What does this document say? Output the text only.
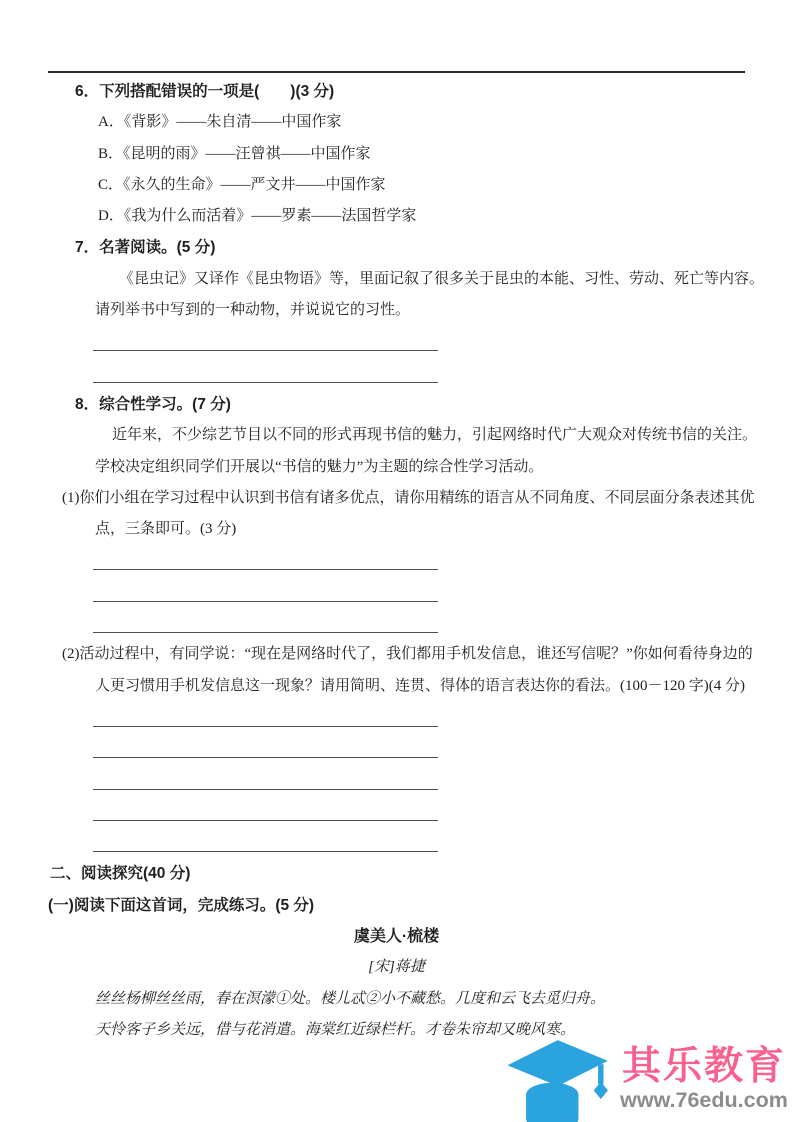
6．下列搭配错误的一项是(　　)(3 分)
A．《背影》——朱自清——中国作家
B．《昆明的雨》——汪曾祺——中国作家
C．《永久的生命》——严文井——中国作家
D．《我为什么而活着》——罗素——法国哲学家
7．名著阅读。(5 分)
《昆虫记》又译作《昆虫物语》等，里面记叙了很多关于昆虫的本能、习性、劳动、死亡等内容。
请列举书中写到的一种动物，并说说它的习性。
8．综合性学习。(7 分)
近年来，不少综艺节目以不同的形式再现书信的魅力，引起网络时代广大观众对传统书信的关注。
学校决定组织同学们开展以“书信的魅力”为主题的综合性学习活动。
(1)你们小组在学习过程中认识到书信有诸多优点，请你用精练的语言从不同角度、不同层面分条表述其优
点，三条即可。(3 分)
(2)活动过程中，有同学说：“现在是网络时代了，我们都用手机发信息，谁还写信呢？”你如何看待身边的
人更习惯用手机发信息这一现象？请用简明、连贯、得体的语言表达你的看法。(100－120 字)(4 分)
二、阅读探究(40 分)
(一)阅读下面这首词，完成练习。(5 分)
虞美人·梳楼
[宋]蒋捷
丝丝杨柳丝丝雨，春在溟濛①处。楼儿忒②小不藏愁。几度和云飞去觅归舟。
天怜客子乡关远，借与花消遣。海棠红近绿栏杆。才卷朱帘却又晚风寒。
其乐教育
www.76edu.com
